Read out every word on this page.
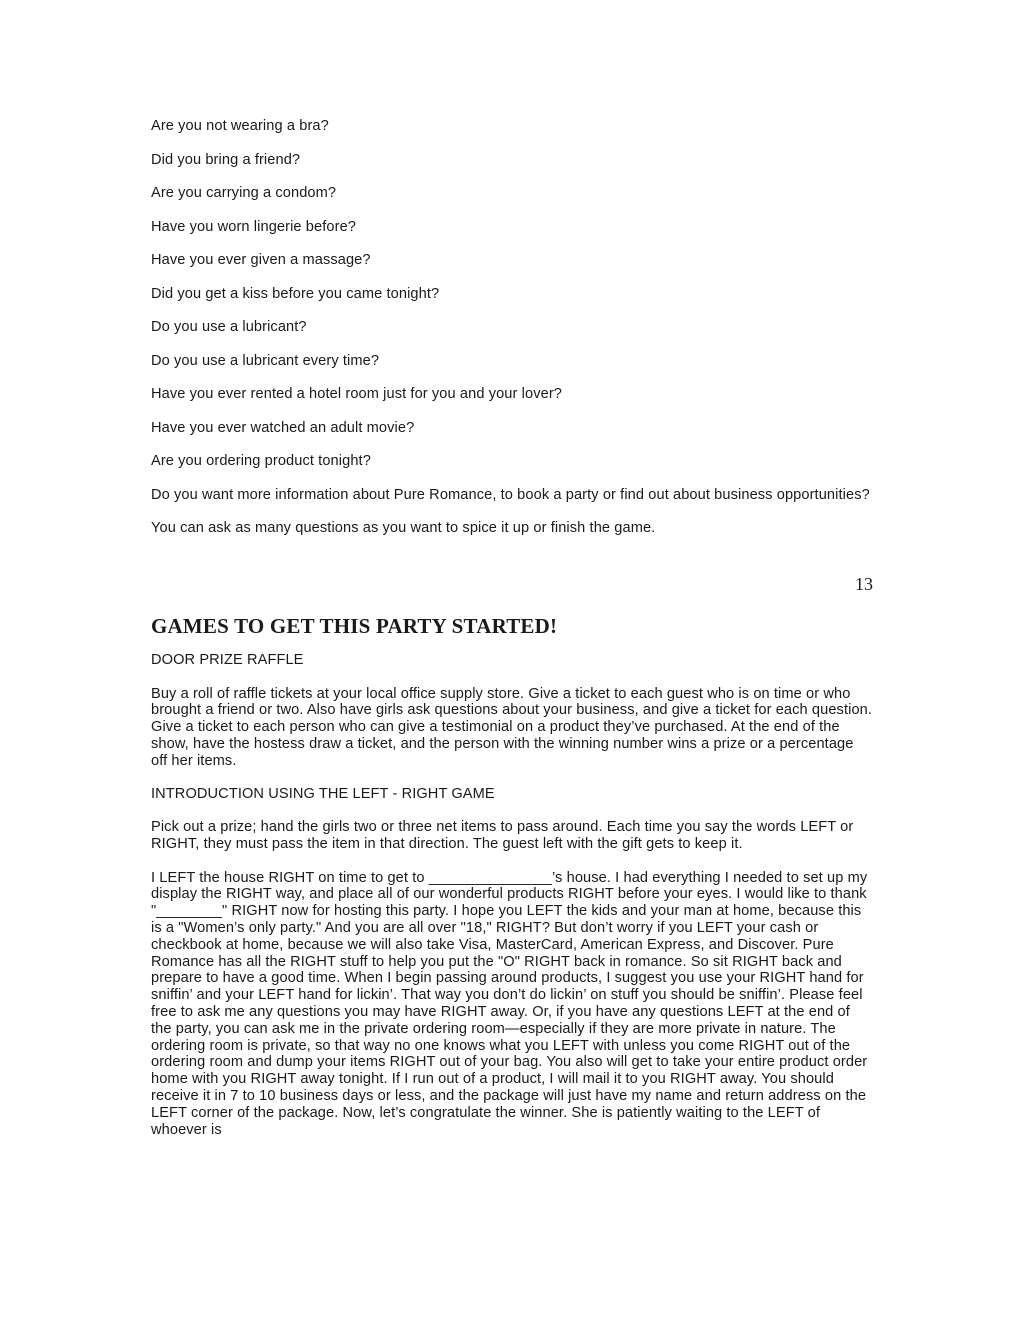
Are you not wearing a bra?

Did you bring a friend?

Are you carrying a condom?

Have you worn lingerie before?

Have you ever given a massage?

Did you get a kiss before you came tonight?

Do you use a lubricant?

Do you use a lubricant every time?

Have you ever rented a hotel room just for you and your lover?

Have you ever watched an adult movie?

Are you ordering product tonight?

Do you want more information about Pure Romance, to book a party or find out about business opportunities?

You can ask as many questions as you want to spice it up or finish the game.

13

GAMES TO GET THIS PARTY STARTED!

DOOR PRIZE RAFFLE

Buy a roll of raffle tickets at your local office supply store. Give a ticket to each guest who is on time or who brought a friend or two. Also have girls ask questions about your business, and give a ticket for each question. Give a ticket to each person who can give a testimonial on a product they’ve purchased. At the end of the show, have the hostess draw a ticket, and the person with the winning number wins a prize or a percentage off her items.

INTRODUCTION USING THE LEFT - RIGHT GAME

Pick out a prize; hand the girls two or three net items to pass around. Each time you say the words LEFT or RIGHT, they must pass the item in that direction. The guest left with the gift gets to keep it.

I LEFT the house RIGHT on time to get to _______________’s house. I had everything I needed to set up my display the RIGHT way, and place all of our wonderful products RIGHT before your eyes. I would like to thank "________" RIGHT now for hosting this party. I hope you LEFT the kids and your man at home, because this is a "Women’s only party." And you are all over "18," RIGHT? But don’t worry if you LEFT your cash or checkbook at home, because we will also take Visa, MasterCard, American Express, and Discover. Pure Romance has all the RIGHT stuff to help you put the "O" RIGHT back in romance. So sit RIGHT back and prepare to have a good time. When I begin passing around products, I suggest you use your RIGHT hand for sniffin’ and your LEFT hand for lickin’. That way you don’t do lickin’ on stuff you should be sniffin’. Please feel free to ask me any questions you may have RIGHT away. Or, if you have any questions LEFT at the end of the party, you can ask me in the private ordering room—especially if they are more private in nature. The ordering room is private, so that way no one knows what you LEFT with unless you come RIGHT out of the ordering room and dump your items RIGHT out of your bag. You also will get to take your entire product order home with you RIGHT away tonight. If I run out of a product, I will mail it to you RIGHT away. You should receive it in 7 to 10 business days or less, and the package will just have my name and return address on the LEFT corner of the package. Now, let’s congratulate the winner. She is patiently waiting to the LEFT of whoever is
